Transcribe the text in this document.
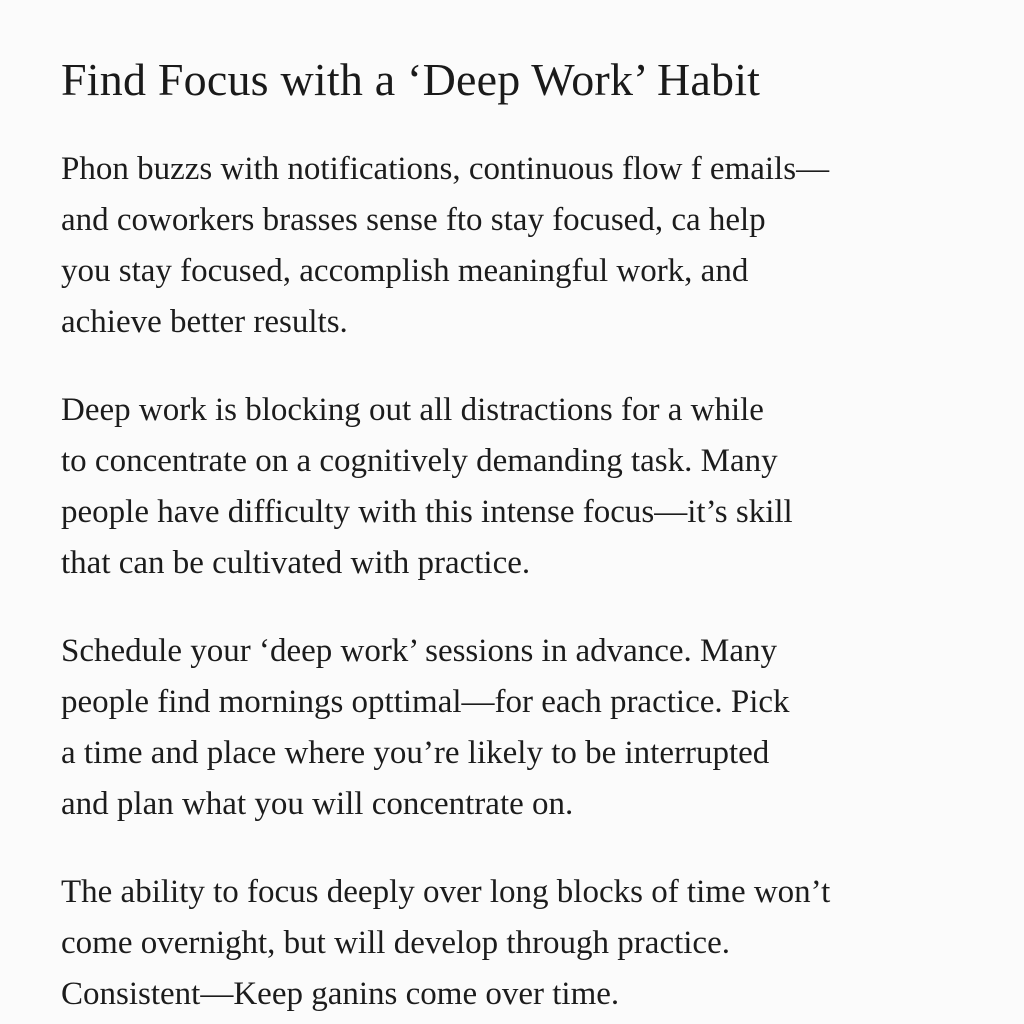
Find Focus with a ‘Deep Work’ Habit

Phon buzzs with notifications, continuous flow f emails—
and coworkers brasses sense fto stay focused, ca help
you stay focused, accomplish meaningful work, and
achieve better results.

Deep work is blocking out all distractions for a while
to concentrate on a cognitively demanding task. Many
people have difficulty with this intense focus—it’s skill
that can be cultivated with practice.

Schedule your ‘deep work’ sessions in advance. Many
people find mornings opttimal—for each practice. Pick
a time and place where you’re likely to be interrupted
and plan what you will concentrate on.

The ability to focus deeply over long blocks of time won’t
come overnight, but will develop through practice.
Consistent—Keep ganins come over time.
